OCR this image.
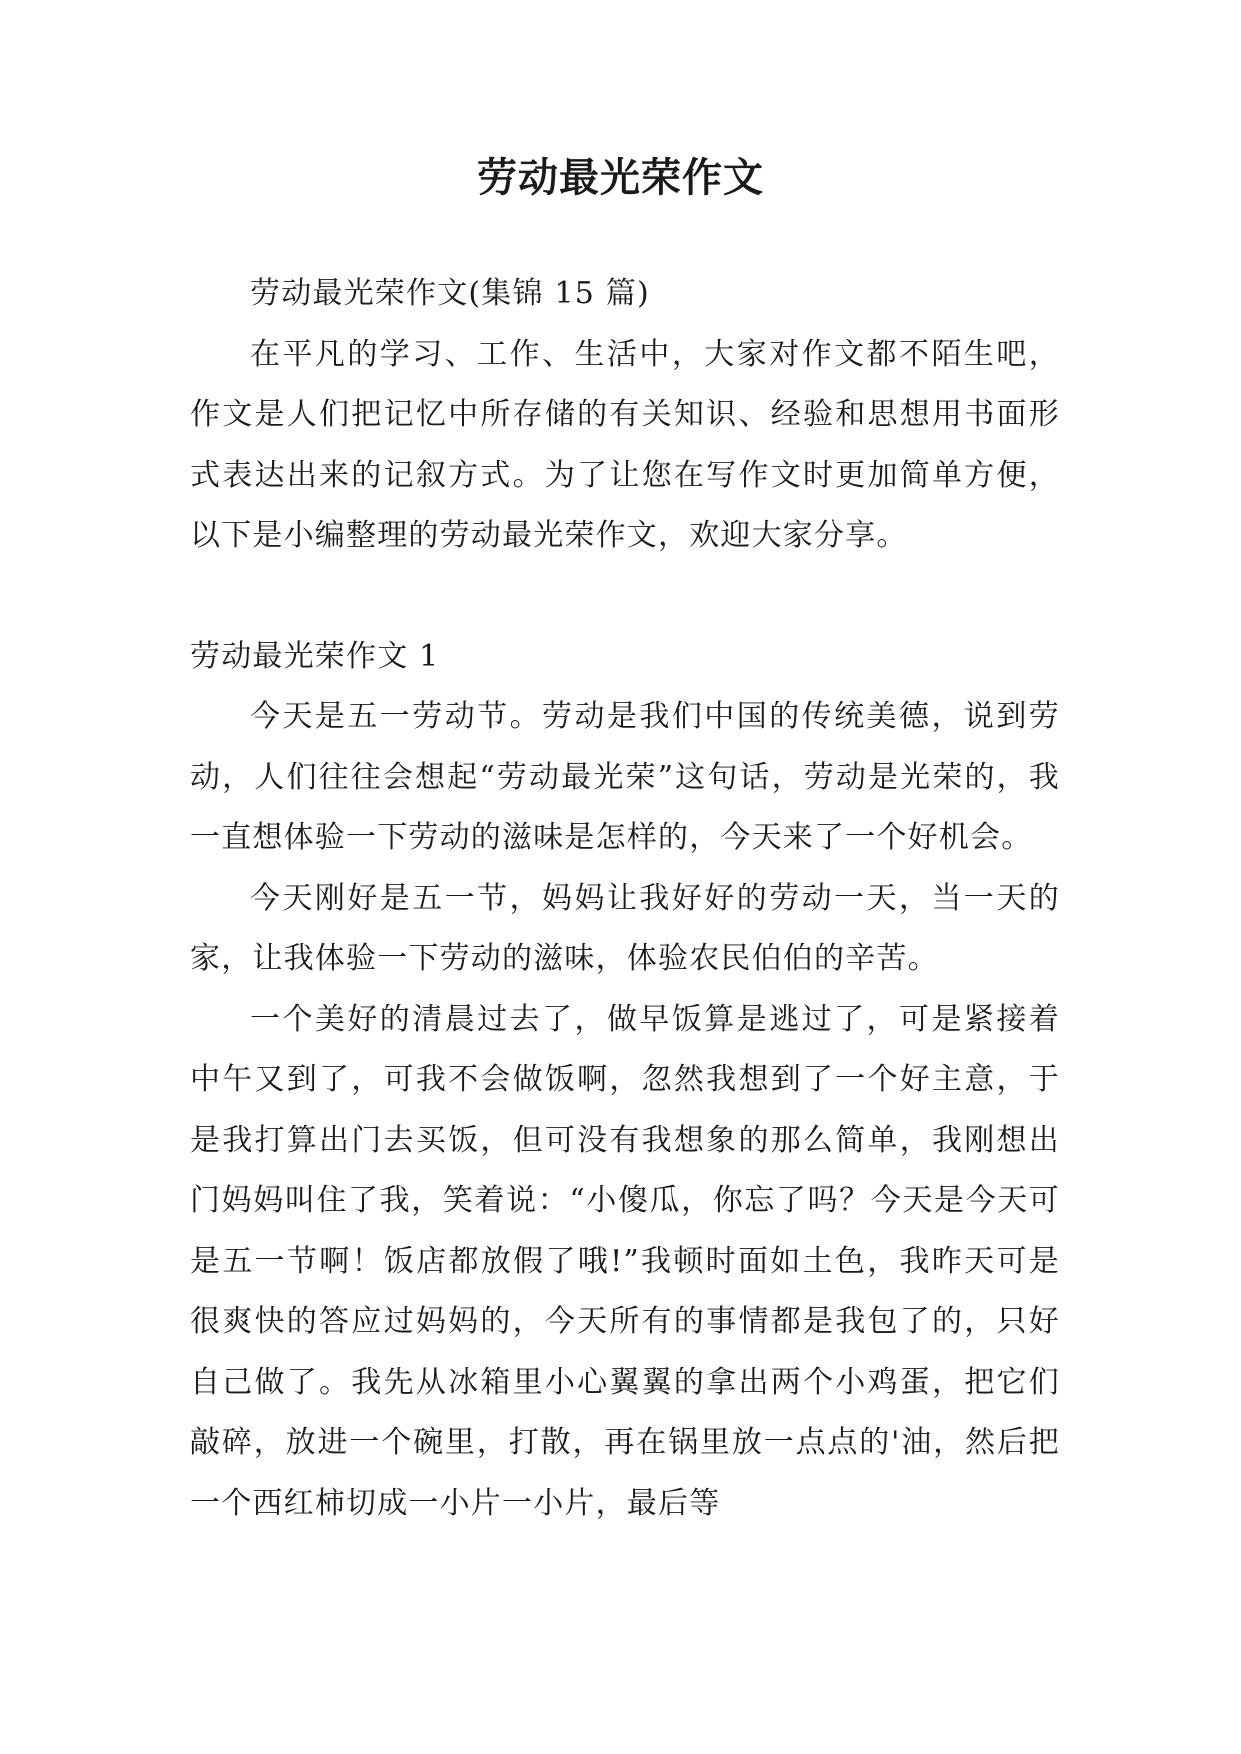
劳动最光荣作文

劳动最光荣作文(集锦 15 篇)

在平凡的学习、工作、生活中，大家对作文都不陌生吧，作文是人们把记忆中所存储的有关知识、经验和思想用书面形式表达出来的记叙方式。为了让您在写作文时更加简单方便，以下是小编整理的劳动最光荣作文，欢迎大家分享。

劳动最光荣作文 1

今天是五一劳动节。劳动是我们中国的传统美德，说到劳动，人们往往会想起“劳动最光荣”这句话，劳动是光荣的，我一直想体验一下劳动的滋味是怎样的，今天来了一个好机会。

今天刚好是五一节，妈妈让我好好的劳动一天，当一天的家，让我体验一下劳动的滋味，体验农民伯伯的辛苦。

一个美好的清晨过去了，做早饭算是逃过了，可是紧接着中午又到了，可我不会做饭啊，忽然我想到了一个好主意，于是我打算出门去买饭，但可没有我想象的那么简单，我刚想出门妈妈叫住了我，笑着说：“小傻瓜，你忘了吗？今天是今天可是五一节啊！饭店都放假了哦!”我顿时面如土色，我昨天可是很爽快的答应过妈妈的，今天所有的事情都是我包了的，只好自己做了。我先从冰箱里小心翼翼的拿出两个小鸡蛋，把它们敲碎，放进一个碗里，打散，再在锅里放一点点的'油，然后把一个西红柿切成一小片一小片，最后等
